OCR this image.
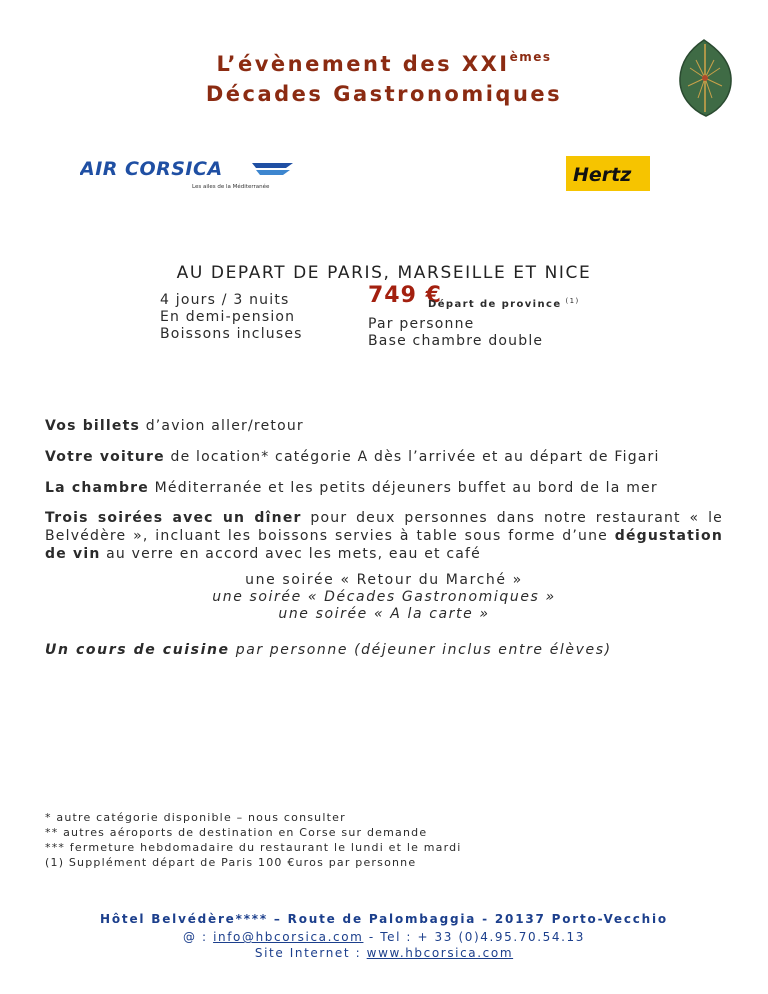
L’évènement des XXIèmes
Décades Gastronomiques
AIR CORSICA
Les ailes de la Méditerranée
Hertz
AU DEPART DE PARIS, MARSEILLE ET NICE
4 jours / 3 nuits
En demi-pension
Boissons incluses
749 €
Départ de province $^{(1)}$
Par personne
Base chambre double
Vos billets d’avion aller/retour
Votre voiture de location* catégorie A dès l’arrivée et au départ de Figari
La chambre Méditerranée et les petits déjeuners buffet au bord de la mer
Trois soirées avec un dîner pour deux personnes dans notre restaurant « le Belvédère », incluant les boissons servies à table sous forme d’une dégustation de vin au verre en accord avec les mets, eau et café
une soirée « Retour du Marché »
une soirée « Décades Gastronomiques »
une soirée « A la carte »
Un cours de cuisine par personne (déjeuner inclus entre élèves)
* autre catégorie disponible – nous consulter
** autres aéroports de destination en Corse sur demande
*** fermeture hebdomadaire du restaurant le lundi et le mardi
(1) Supplément départ de Paris 100 €uros par personne
Hôtel Belvédère**** – Route de Palombaggia - 20137 Porto-Vecchio
@ : info@hbcorsica.com - Tel : + 33 (0)4.95.70.54.13
Site Internet : www.hbcorsica.com
